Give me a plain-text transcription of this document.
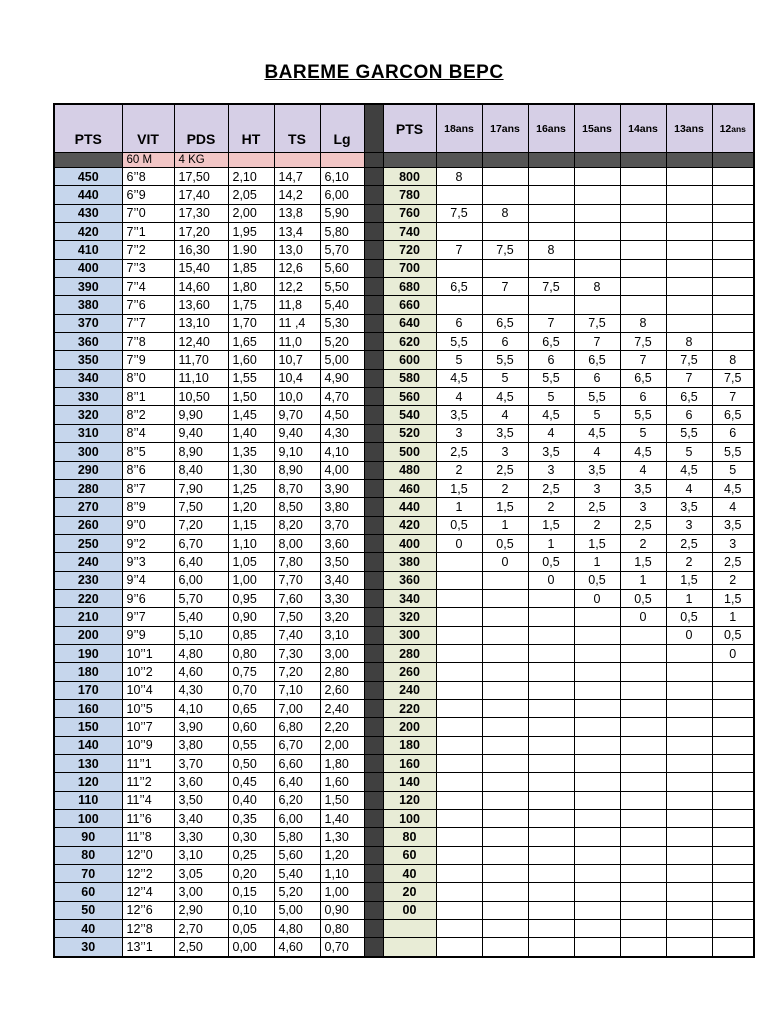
BAREME GARCON BEPC
PTS	VIT	PDS	HT	TS	Lg		PTS	18ans	17ans	16ans	15ans	14ans	13ans	12ans
	60 M	4 KG												
450	6’’8	17,50	2,10	14,7	6,10		800	8						
440	6’’9	17,40	2,05	14,2	6,00		780							
430	7’’0	17,30	2,00	13,8	5,90		760	7,5	8					
420	7’’1	17,20	1,95	13,4	5,80		740							
410	7’’2	16,30	1.90	13,0	5,70		720	7	7,5	8				
400	7’’3	15,40	1,85	12,6	5,60		700							
390	7’’4	14,60	1,80	12,2	5,50		680	6,5	7	7,5	8			
380	7’’6	13,60	1,75	11,8	5,40		660							
370	7’’7	13,10	1,70	11 ,4	5,30		640	6	6,5	7	7,5	8		
360	7’’8	12,40	1,65	11,0	5,20		620	5,5	6	6,5	7	7,5	8	
350	7’’9	11,70	1,60	10,7	5,00		600	5	5,5	6	6,5	7	7,5	8
340	8’’0	11,10	1,55	10,4	4,90		580	4,5	5	5,5	6	6,5	7	7,5
330	8’’1	10,50	1,50	10,0	4,70		560	4	4,5	5	5,5	6	6,5	7
320	8’’2	9,90	1,45	9,70	4,50		540	3,5	4	4,5	5	5,5	6	6,5
310	8’’4	9,40	1,40	9,40	4,30		520	3	3,5	4	4,5	5	5,5	6
300	8’’5	8,90	1,35	9,10	4,10		500	2,5	3	3,5	4	4,5	5	5,5
290	8’’6	8,40	1,30	8,90	4,00		480	2	2,5	3	3,5	4	4,5	5
280	8’’7	7,90	1,25	8,70	3,90		460	1,5	2	2,5	3	3,5	4	4,5
270	8’’9	7,50	1,20	8,50	3,80		440	1	1,5	2	2,5	3	3,5	4
260	9’’0	7,20	1,15	8,20	3,70		420	0,5	1	1,5	2	2,5	3	3,5
250	9’’2	6,70	1,10	8,00	3,60		400	0	0,5	1	1,5	2	2,5	3
240	9’’3	6,40	1,05	7,80	3,50		380		0	0,5	1	1,5	2	2,5
230	9’’4	6,00	1,00	7,70	3,40		360			0	0,5	1	1,5	2
220	9’’6	5,70	0,95	7,60	3,30		340				0	0,5	1	1,5
210	9’’7	5,40	0,90	7,50	3,20		320					0	0,5	1
200	9’’9	5,10	0,85	7,40	3,10		300						0	0,5
190	10’’1	4,80	0,80	7,30	3,00		280							0
180	10’’2	4,60	0,75	7,20	2,80		260							
170	10’’4	4,30	0,70	7,10	2,60		240							
160	10’’5	4,10	0,65	7,00	2,40		220							
150	10’’7	3,90	0,60	6,80	2,20		200							
140	10’’9	3,80	0,55	6,70	2,00		180							
130	11’’1	3,70	0,50	6,60	1,80		160							
120	11’’2	3,60	0,45	6,40	1,60		140							
110	11’’4	3,50	0,40	6,20	1,50		120							
100	11’’6	3,40	0,35	6,00	1,40		100							
90	11’’8	3,30	0,30	5,80	1,30		80							
80	12’’0	3,10	0,25	5,60	1,20		60							
70	12’’2	3,05	0,20	5,40	1,10		40							
60	12’’4	3,00	0,15	5,20	1,00		20							
50	12’’6	2,90	0,10	5,00	0,90		00							
40	12’’8	2,70	0,05	4,80	0,80									
30	13’’1	2,50	0,00	4,60	0,70									
